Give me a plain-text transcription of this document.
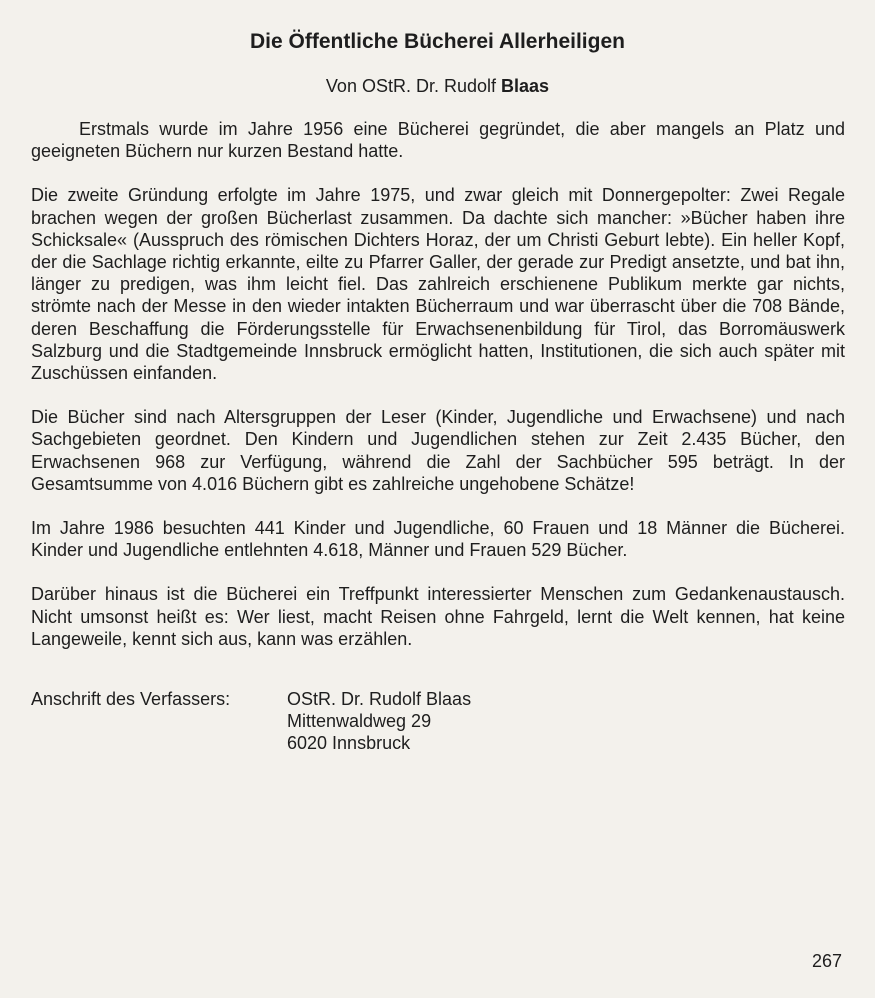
Die Öffentliche Bücherei Allerheiligen
Von OStR. Dr. Rudolf Blaas

Erstmals wurde im Jahre 1956 eine Bücherei gegründet, die aber mangels an Platz und geeigneten Büchern nur kurzen Bestand hatte.

Die zweite Gründung erfolgte im Jahre 1975, und zwar gleich mit Donnergepolter: Zwei Regale brachen wegen der großen Bücherlast zusammen. Da dachte sich mancher: »Bücher haben ihre Schicksale« (Ausspruch des römischen Dichters Horaz, der um Christi Geburt lebte). Ein heller Kopf, der die Sachlage richtig erkannte, eilte zu Pfarrer Galler, der gerade zur Predigt ansetzte, und bat ihn, länger zu predigen, was ihm leicht fiel. Das zahlreich erschienene Publikum merkte gar nichts, strömte nach der Messe in den wieder intakten Bücherraum und war überrascht über die 708 Bände, deren Beschaffung die Förderungsstelle für Erwachsenenbildung für Tirol, das Borromäuswerk Salzburg und die Stadtgemeinde Innsbruck ermöglicht hatten, Institutionen, die sich auch später mit Zuschüssen einfanden.

Die Bücher sind nach Altersgruppen der Leser (Kinder, Jugendliche und Erwachsene) und nach Sachgebieten geordnet. Den Kindern und Jugendlichen stehen zur Zeit 2.435 Bücher, den Erwachsenen 968 zur Verfügung, während die Zahl der Sachbücher 595 beträgt. In der Gesamtsumme von 4.016 Büchern gibt es zahlreiche ungehobene Schätze!

Im Jahre 1986 besuchten 441 Kinder und Jugendliche, 60 Frauen und 18 Männer die Bücherei. Kinder und Jugendliche entlehnten 4.618, Männer und Frauen 529 Bücher.

Darüber hinaus ist die Bücherei ein Treffpunkt interessierter Menschen zum Gedankenaustausch. Nicht umsonst heißt es: Wer liest, macht Reisen ohne Fahrgeld, lernt die Welt kennen, hat keine Langeweile, kennt sich aus, kann was erzählen.

Anschrift des Verfassers:	OStR. Dr. Rudolf Blaas
Mittenwaldweg 29
6020 Innsbruck
267
